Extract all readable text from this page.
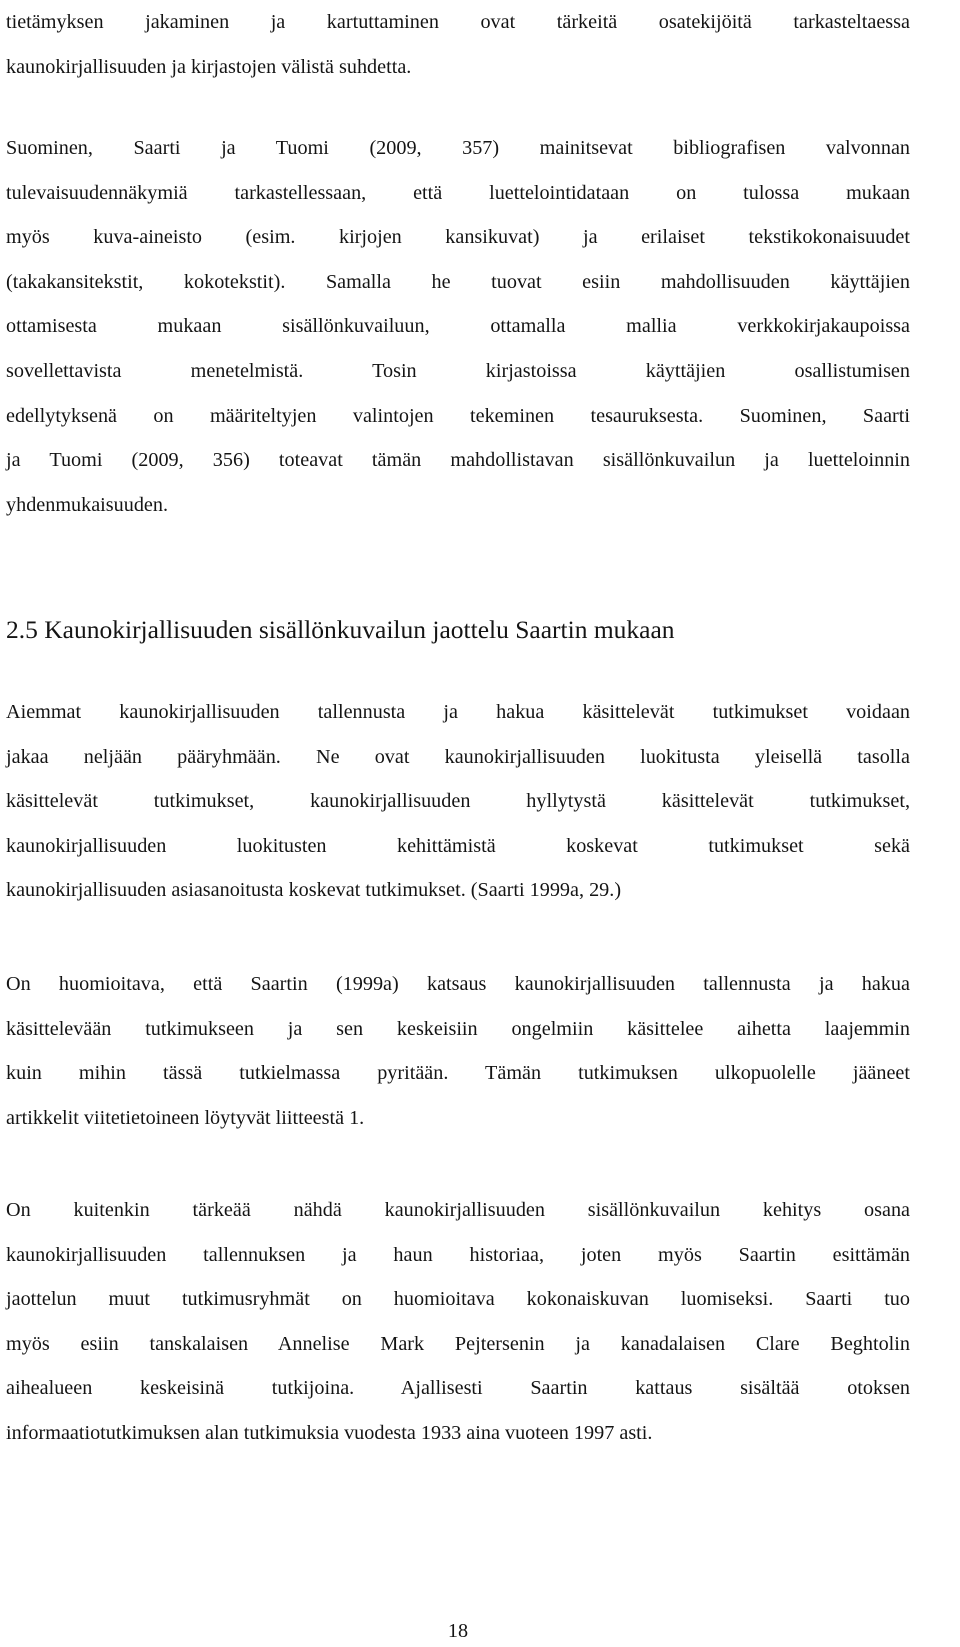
tietämyksen jakaminen ja kartuttaminen ovat tärkeitä osatekijöitä tarkasteltaessa
kaunokirjallisuuden ja kirjastojen välistä suhdetta.

Suominen, Saarti ja Tuomi (2009, 357) mainitsevat bibliografisen valvonnan
tulevaisuudennäkymiä tarkastellessaan, että luettelointidataan on tulossa mukaan
myös kuva-aineisto (esim. kirjojen kansikuvat) ja erilaiset tekstikokonaisuudet
(takakansitekstit, kokotekstit). Samalla he tuovat esiin mahdollisuuden käyttäjien
ottamisesta mukaan sisällönkuvailuun, ottamalla mallia verkkokirjakaupoissa
sovellettavista menetelmistä. Tosin kirjastoissa käyttäjien osallistumisen
edellytyksenä on määriteltyjen valintojen tekeminen tesauruksesta. Suominen, Saarti
ja Tuomi (2009, 356) toteavat tämän mahdollistavan sisällönkuvailun ja luetteloinnin
yhdenmukaisuuden.

2.5 Kaunokirjallisuuden sisällönkuvailun jaottelu Saartin mukaan

Aiemmat kaunokirjallisuuden tallennusta ja hakua käsittelevät tutkimukset voidaan
jakaa neljään pääryhmään. Ne ovat kaunokirjallisuuden luokitusta yleisellä tasolla
käsittelevät tutkimukset, kaunokirjallisuuden hyllytystä käsittelevät tutkimukset,
kaunokirjallisuuden luokitusten kehittämistä koskevat tutkimukset sekä
kaunokirjallisuuden asiasanoitusta koskevat tutkimukset. (Saarti 1999a, 29.)

On huomioitava, että Saartin (1999a) katsaus kaunokirjallisuuden tallennusta ja hakua
käsittelevään tutkimukseen ja sen keskeisiin ongelmiin käsittelee aihetta laajemmin
kuin mihin tässä tutkielmassa pyritään. Tämän tutkimuksen ulkopuolelle jääneet
artikkelit viitetietoineen löytyvät liitteestä 1.

On kuitenkin tärkeää nähdä kaunokirjallisuuden sisällönkuvailun kehitys osana
kaunokirjallisuuden tallennuksen ja haun historiaa, joten myös Saartin esittämän
jaottelun muut tutkimusryhmät on huomioitava kokonaiskuvan luomiseksi. Saarti tuo
myös esiin tanskalaisen Annelise Mark Pejtersenin ja kanadalaisen Clare Beghtolin
aihealueen keskeisinä tutkijoina. Ajallisesti Saartin kattaus sisältää otoksen
informaatiotutkimuksen alan tutkimuksia vuodesta 1933 aina vuoteen 1997 asti.

18
